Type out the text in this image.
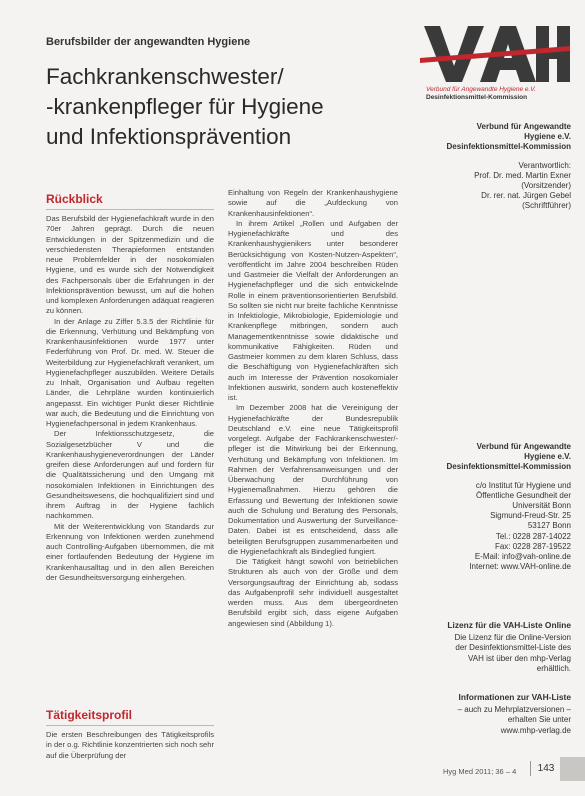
Berufsbilder der angewandten Hygiene
Fachkrankenschwester/
-krankenpfleger für Hygiene
und Infektionsprävention
Verbund für Angewandte Hygiene e.V.
Desinfektionsmittel-Kommission

Verbund für Angewandte

Hygiene e.V.

Desinfektionsmittel-Kommission

Verantwortlich:

Prof. Dr. med. Martin Exner

(Vorsitzender)

Dr. rer. nat. Jürgen Gebel

(Schriftführer)

Verbund für Angewandte

Hygiene e.V.

Desinfektionsmittel-Kommission

c/o Institut für Hygiene und

Öffentliche Gesundheit der

Universität Bonn

Sigmund-Freud-Str. 25

53127 Bonn

Tel.: 0228 287-14022

Fax: 0228 287-19522

E-Mail: info@vah-online.de

Internet: www.VAH-online.de

Lizenz für die VAH-Liste Online

Die Lizenz für die Online-Version

der Desinfektionsmittel-Liste des

VAH ist über den mhp-Verlag

erhältlich.

Informationen zur VAH-Liste

– auch zu Mehrplatzversionen –

erhalten Sie unter

www.mhp-verlag.de

Rückblick

Das Berufsbild der Hygienefachkraft wurde in den 70er Jahren geprägt. Durch die neuen Entwicklungen in der Spitzenmedizin und die verschiedensten Therapieformen entstanden neue Problemfelder in der nosokomialen Hygiene, und es wurde sich der Notwendigkeit des Fachpersonals über die Erfahrungen in der Infektionsprävention bewusst, um auf die hohen und komplexen Anforderungen adäquat reagieren zu können.

In der Anlage zu Ziffer 5.3.5 der Richtlinie für die Erkennung, Verhütung und Bekämpfung von Krankenhausinfektionen wurde 1977 unter Federführung von Prof. Dr. med. W. Steuer die Weiterbildung zur Hygienefachkraft verankert, um Hygienefachpfleger auszubilden. Weitere Details zu Inhalt, Organisation und Aufbau regelten Länder, die Lehrpläne wurden kontinuierlich angepasst. Ein wichtiger Punkt dieser Richtlinie war auch, die Bedeutung und die Einrichtung von Hygienefachpersonal in jedem Krankenhaus.

Der Infektionsschutzgesetz, die Sozialgesetzbücher V und die Krankenhaushygieneverordnungen der Länder greifen diese Anforderungen auf und fordern für die Qualitätssicherung und den Umgang mit nosokomialen Infektionen in Einrichtungen des Gesundheitswesens, die hochqualifiziert sind und ihrem Auftrag in der Hygiene fachlich nachkommen.

Mit der Weiterentwicklung von Standards zur Erkennung von Infektionen werden zunehmend auch Controlling-Aufgaben übernommen, die mit einer fortlaufenden Bedeutung der Hygiene im Krankenhausalltag und in den allen Bereichen der Gesundheitsversorgung einhergehen.

Tätigkeitsprofil

Die ersten Beschreibungen des Tätigkeitsprofils in der o.g. Richtlinie konzentrierten sich noch sehr auf die Überprüfung der

Einhaltung von Regeln der Krankenhaushygiene sowie auf die „Aufdeckung von Krankenhausinfektionen“.

In ihrem Artikel „Rollen und Aufgaben der Hygienefachkräfte und des Krankenhaushygienikers unter besonderer Berücksichtigung von Kosten-Nutzen-Aspekten“, veröffentlicht im Jahre 2004 beschreiben Rüden und Gastmeier die Vielfalt der Anforderungen an Hygienefachpfleger und die sich entwickelnde Rolle in einem präventionsorientierten Berufsbild. So sollten sie nicht nur breite fachliche Kenntnisse in Infektiologie, Mikrobiologie, Epidemiologie und Krankenpflege mitbringen, sondern auch Managementkenntnisse sowie didaktische und kommunikative Fähigkeiten. Rüden und Gastmeier kommen zu dem klaren Schluss, dass die Beschäftigung von Hygienefachkräften sich auch im Interesse der Prävention nosokomialer Infektionen auswirkt, sondern auch kosteneffektiv ist.

Im Dezember 2008 hat die Vereinigung der Hygienefachkräfte der Bundesrepublik Deutschland e.V. eine neue Tätigkeitsprofil vorgelegt. Aufgabe der Fachkrankenschwester/-pfleger ist die Mitwirkung bei der Erkennung, Verhütung und Bekämpfung von Infektionen. Im Rahmen der Verfahrensanweisungen und der Überwachung der Durchführung von Hygienemaßnahmen. Hierzu gehören die Erfassung und Bewertung der Infektionen sowie auch die Schulung und Beratung des Personals, Dokumentation und Auswertung der Surveillance-Daten. Dabei ist es entscheidend, dass alle beteiligten Berufsgruppen zusammenarbeiten und die Hygienefachkraft als Bindeglied fungiert.

Die Tätigkeit hängt sowohl von betrieblichen Strukturen als auch von der Größe und dem Versorgungsauftrag der Einrichtung ab, sodass das Aufgabenprofil sehr individuell ausgestaltet werden muss. Aus dem übergeordneten Berufsbild ergibt sich, dass eigene Aufgaben angewiesen sind (Abbildung 1).

Hyg Med 2011; 36 – 4	143
